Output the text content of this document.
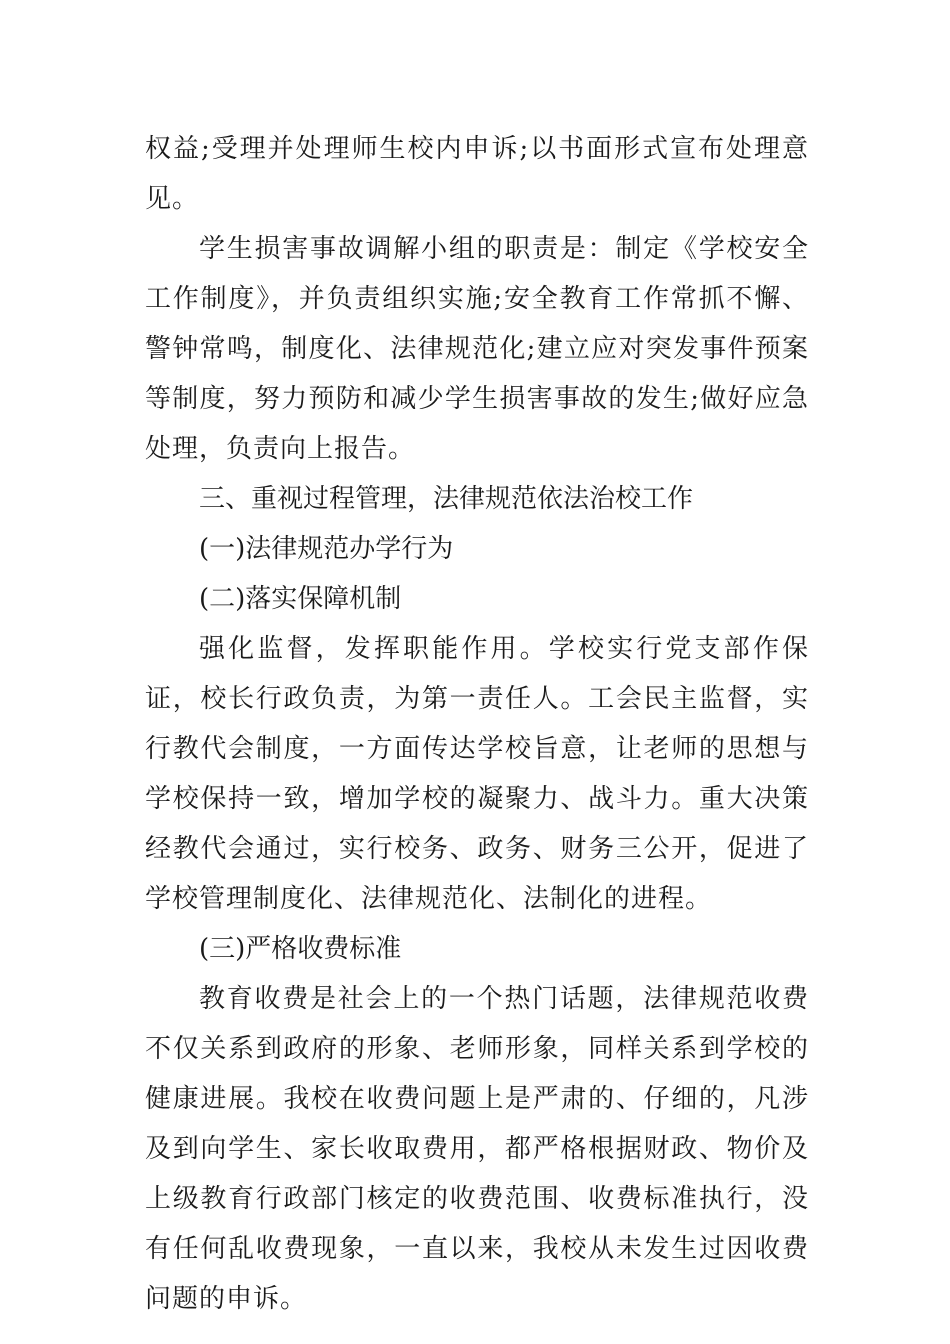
权益;受理并处理师生校内申诉;以书面形式宣布处理意见。

学生损害事故调解小组的职责是：制定《学校安全工作制度》，并负责组织实施;安全教育工作常抓不懈、警钟常鸣，制度化、法律规范化;建立应对突发事件预案等制度，努力预防和减少学生损害事故的发生;做好应急处理，负责向上报告。

三、重视过程管理，法律规范依法治校工作

(一)法律规范办学行为

(二)落实保障机制

强化监督，发挥职能作用。学校实行党支部作保证，校长行政负责，为第一责任人。工会民主监督，实行教代会制度，一方面传达学校旨意，让老师的思想与学校保持一致，增加学校的凝聚力、战斗力。重大决策经教代会通过，实行校务、政务、财务三公开，促进了学校管理制度化、法律规范化、法制化的进程。

(三)严格收费标准

教育收费是社会上的一个热门话题，法律规范收费不仅关系到政府的形象、老师形象，同样关系到学校的健康进展。我校在收费问题上是严肃的、仔细的，凡涉及到向学生、家长收取费用，都严格根据财政、物价及上级教育行政部门核定的收费范围、收费标准执行，没有任何乱收费现象，一直以来，我校从未发生过因收费问题的申诉。
